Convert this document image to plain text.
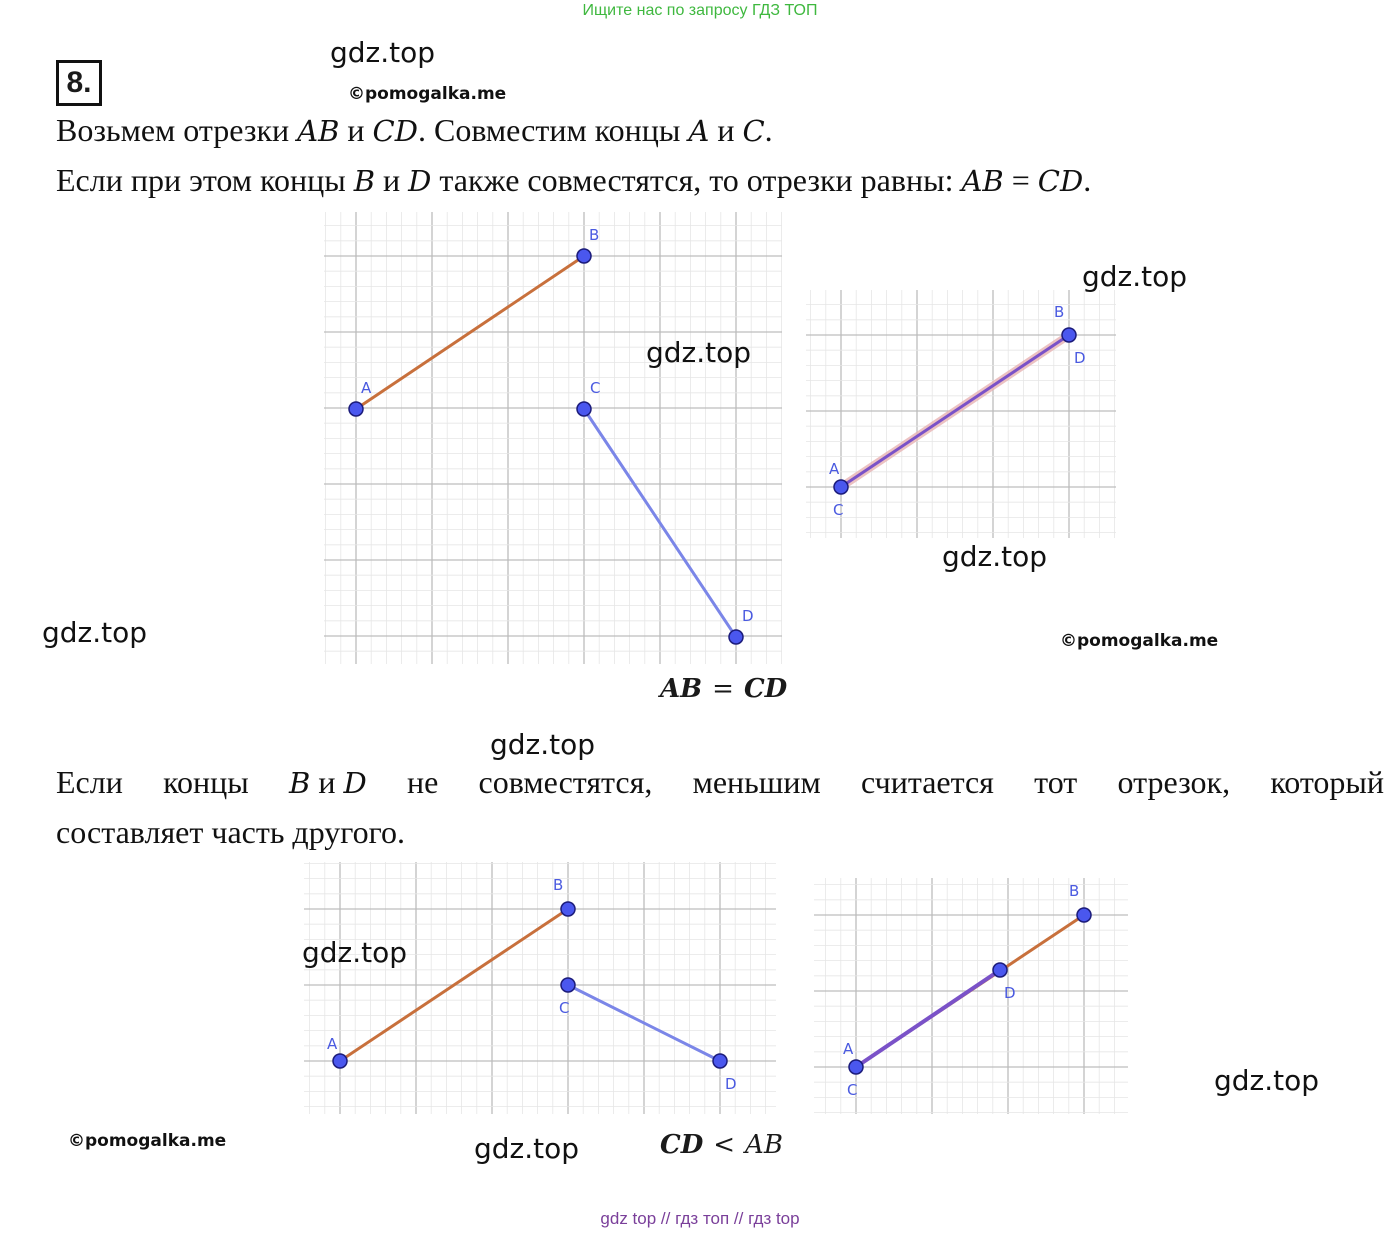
Ищите нас по запросу ГДЗ ТОП
8.
gdz.top
©pomogalka.me
Возьмем отрезки AB и CD. Совместим концы A и C.
Если при этом концы B и D также совместятся, то отрезки равны: AB = CD.
A
B
C
D
gdz.top
gdz.top
A
C
B
D
gdz.top
gdz.top	©pomogalka.me
AB = CD
gdz.top
Если концы B и D не совместятся, меньшим считается тот отрезок, который
составляет часть другого.
A
B
C
D
gdz.top
A
C
B
D
gdz.top
©pomogalka.me	gdz.top	CD < AB
gdz top // гдз топ // гдз top
